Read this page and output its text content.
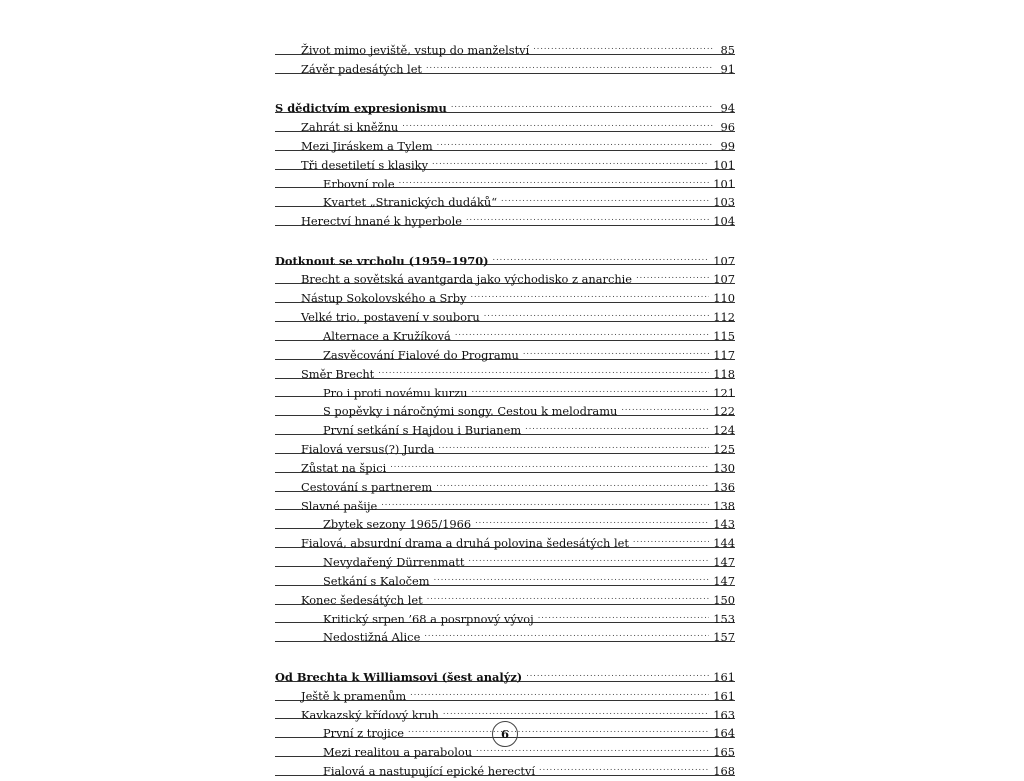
Život mimo jeviště, vstup do manželství .....	85
Závěr padesátých let .....	91
S dědictvím expresionismu .....	94
Zahrát si kněžnu .....	96
Mezi Jiráskem a Tylem .....	99
Tři desetiletí s klasiky .....	101
Erbovní role .....	101
Kvartet „Stranických dudáků“ .....	103
Herectví hnané k hyperbole .....	104
Dotknout se vrcholu (1959–1970) .....	107
Brecht a sovětská avantgarda jako východisko z anarchie .....	107
Nástup Sokolovského a Srby .....	110
Velké trio, postavení v souboru .....	112
Alternace a Kružíková .....	115
Zasvěcování Fialové do Programu .....	117
Směr Brecht .....	118
Pro i proti novému kurzu .....	121
S popěvky i náročnými songy. Cestou k melodramu .....	122
První setkání s Hajdou i Burianem .....	124
Fialová versus(?) Jurda .....	125
Zůstat na špici .....	130
Cestování s partnerem .....	136
Slavné pašije .....	138
Zbytek sezony 1965/1966 .....	143
Fialová, absurdní drama a druhá polovina šedesátých let .....	144
Nevydařený Dürrenmatt .....	147
Setkání s Kaločem .....	147
Konec šedesátých let .....	150
Kritický srpen ’68 a posrpnový vývoj .....	153
Nedostižná Alice .....	157
Od Brechta k Williamsovi (šest analýz) .....	161
Ještě k pramenům .....	161
Kavkazský křídový kruh .....	163
První z trojice .....	164
Mezi realitou a parabolou .....	165
Fialová a nastupující epické herectví .....	168
6
